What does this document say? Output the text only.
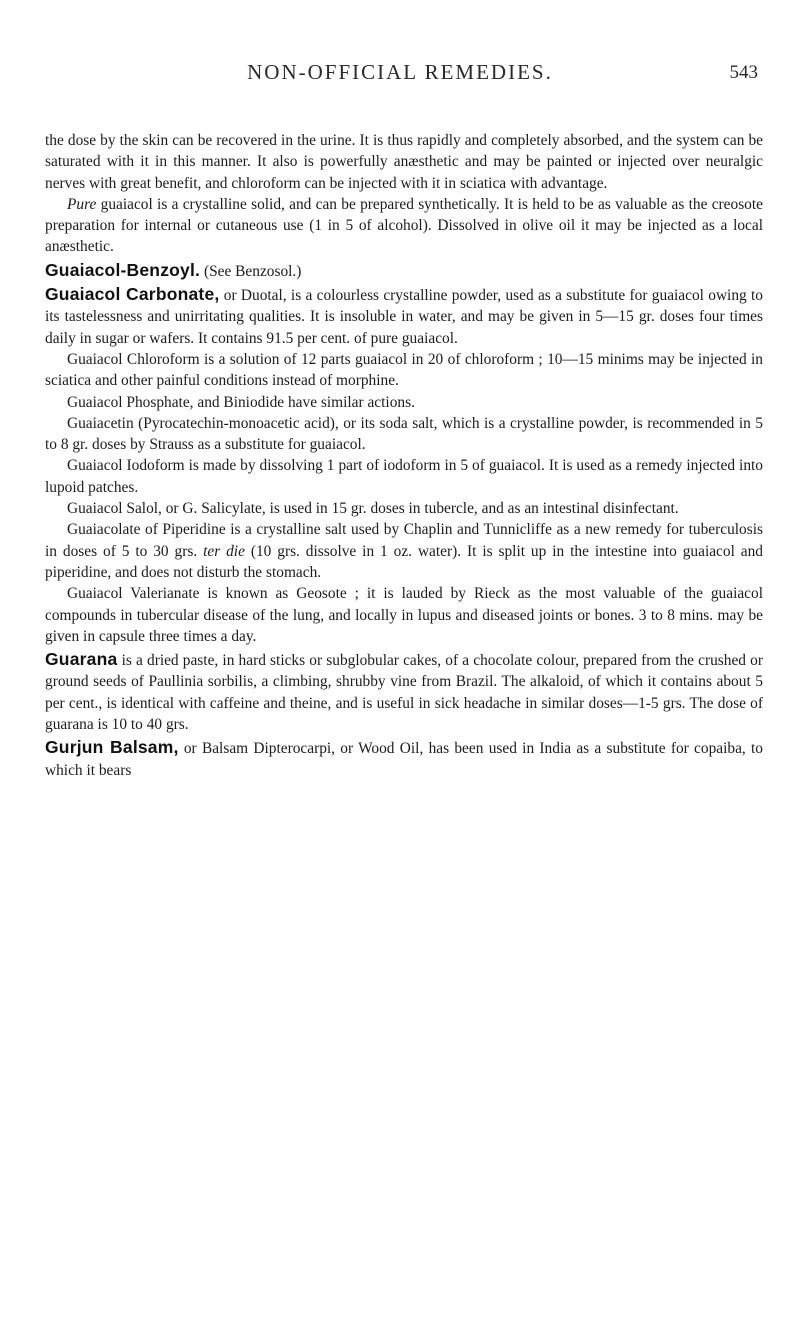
NON-OFFICIAL REMEDIES.	543

the dose by the skin can be recovered in the urine. It is thus rapidly and completely absorbed, and the system can be saturated with it in this manner. It also is powerfully anæsthetic and may be painted or injected over neuralgic nerves with great benefit, and chloroform can be injected with it in sciatica with advantage.

Pure guaiacol is a crystalline solid, and can be prepared synthetically. It is held to be as valuable as the creosote preparation for internal or cutaneous use (1 in 5 of alcohol). Dissolved in olive oil it may be injected as a local anæsthetic.

Guaiacol-Benzoyl. (See Benzosol.)

Guaiacol Carbonate, or Duotal, is a colourless crystalline powder, used as a substitute for guaiacol owing to its tastelessness and unirritating qualities. It is insoluble in water, and may be given in 5—15 gr. doses four times daily in sugar or wafers. It contains 91.5 per cent. of pure guaiacol.

Guaiacol Chloroform is a solution of 12 parts guaiacol in 20 of chloroform ; 10—15 minims may be injected in sciatica and other painful conditions instead of morphine.

Guaiacol Phosphate, and Biniodide have similar actions.

Guaiacetin (Pyrocatechin-monoacetic acid), or its soda salt, which is a crystalline powder, is recommended in 5 to 8 gr. doses by Strauss as a substitute for guaiacol.

Guaiacol Iodoform is made by dissolving 1 part of iodoform in 5 of guaiacol. It is used as a remedy injected into lupoid patches.

Guaiacol Salol, or G. Salicylate, is used in 15 gr. doses in tubercle, and as an intestinal disinfectant.

Guaiacolate of Piperidine is a crystalline salt used by Chaplin and Tunnicliffe as a new remedy for tuberculosis in doses of 5 to 30 grs. ter die (10 grs. dissolve in 1 oz. water). It is split up in the intestine into guaiacol and piperidine, and does not disturb the stomach.

Guaiacol Valerianate is known as Geosote ; it is lauded by Rieck as the most valuable of the guaiacol compounds in tubercular disease of the lung, and locally in lupus and diseased joints or bones. 3 to 8 mins. may be given in capsule three times a day.

Guarana is a dried paste, in hard sticks or subglobular cakes, of a chocolate colour, prepared from the crushed or ground seeds of Paullinia sorbilis, a climbing, shrubby vine from Brazil. The alkaloid, of which it contains about 5 per cent., is identical with caffeine and theine, and is useful in sick headache in similar doses—1-5 grs. The dose of guarana is 10 to 40 grs.

Gurjun Balsam, or Balsam Dipterocarpi, or Wood Oil, has been used in India as a substitute for copaiba, to which it bears
